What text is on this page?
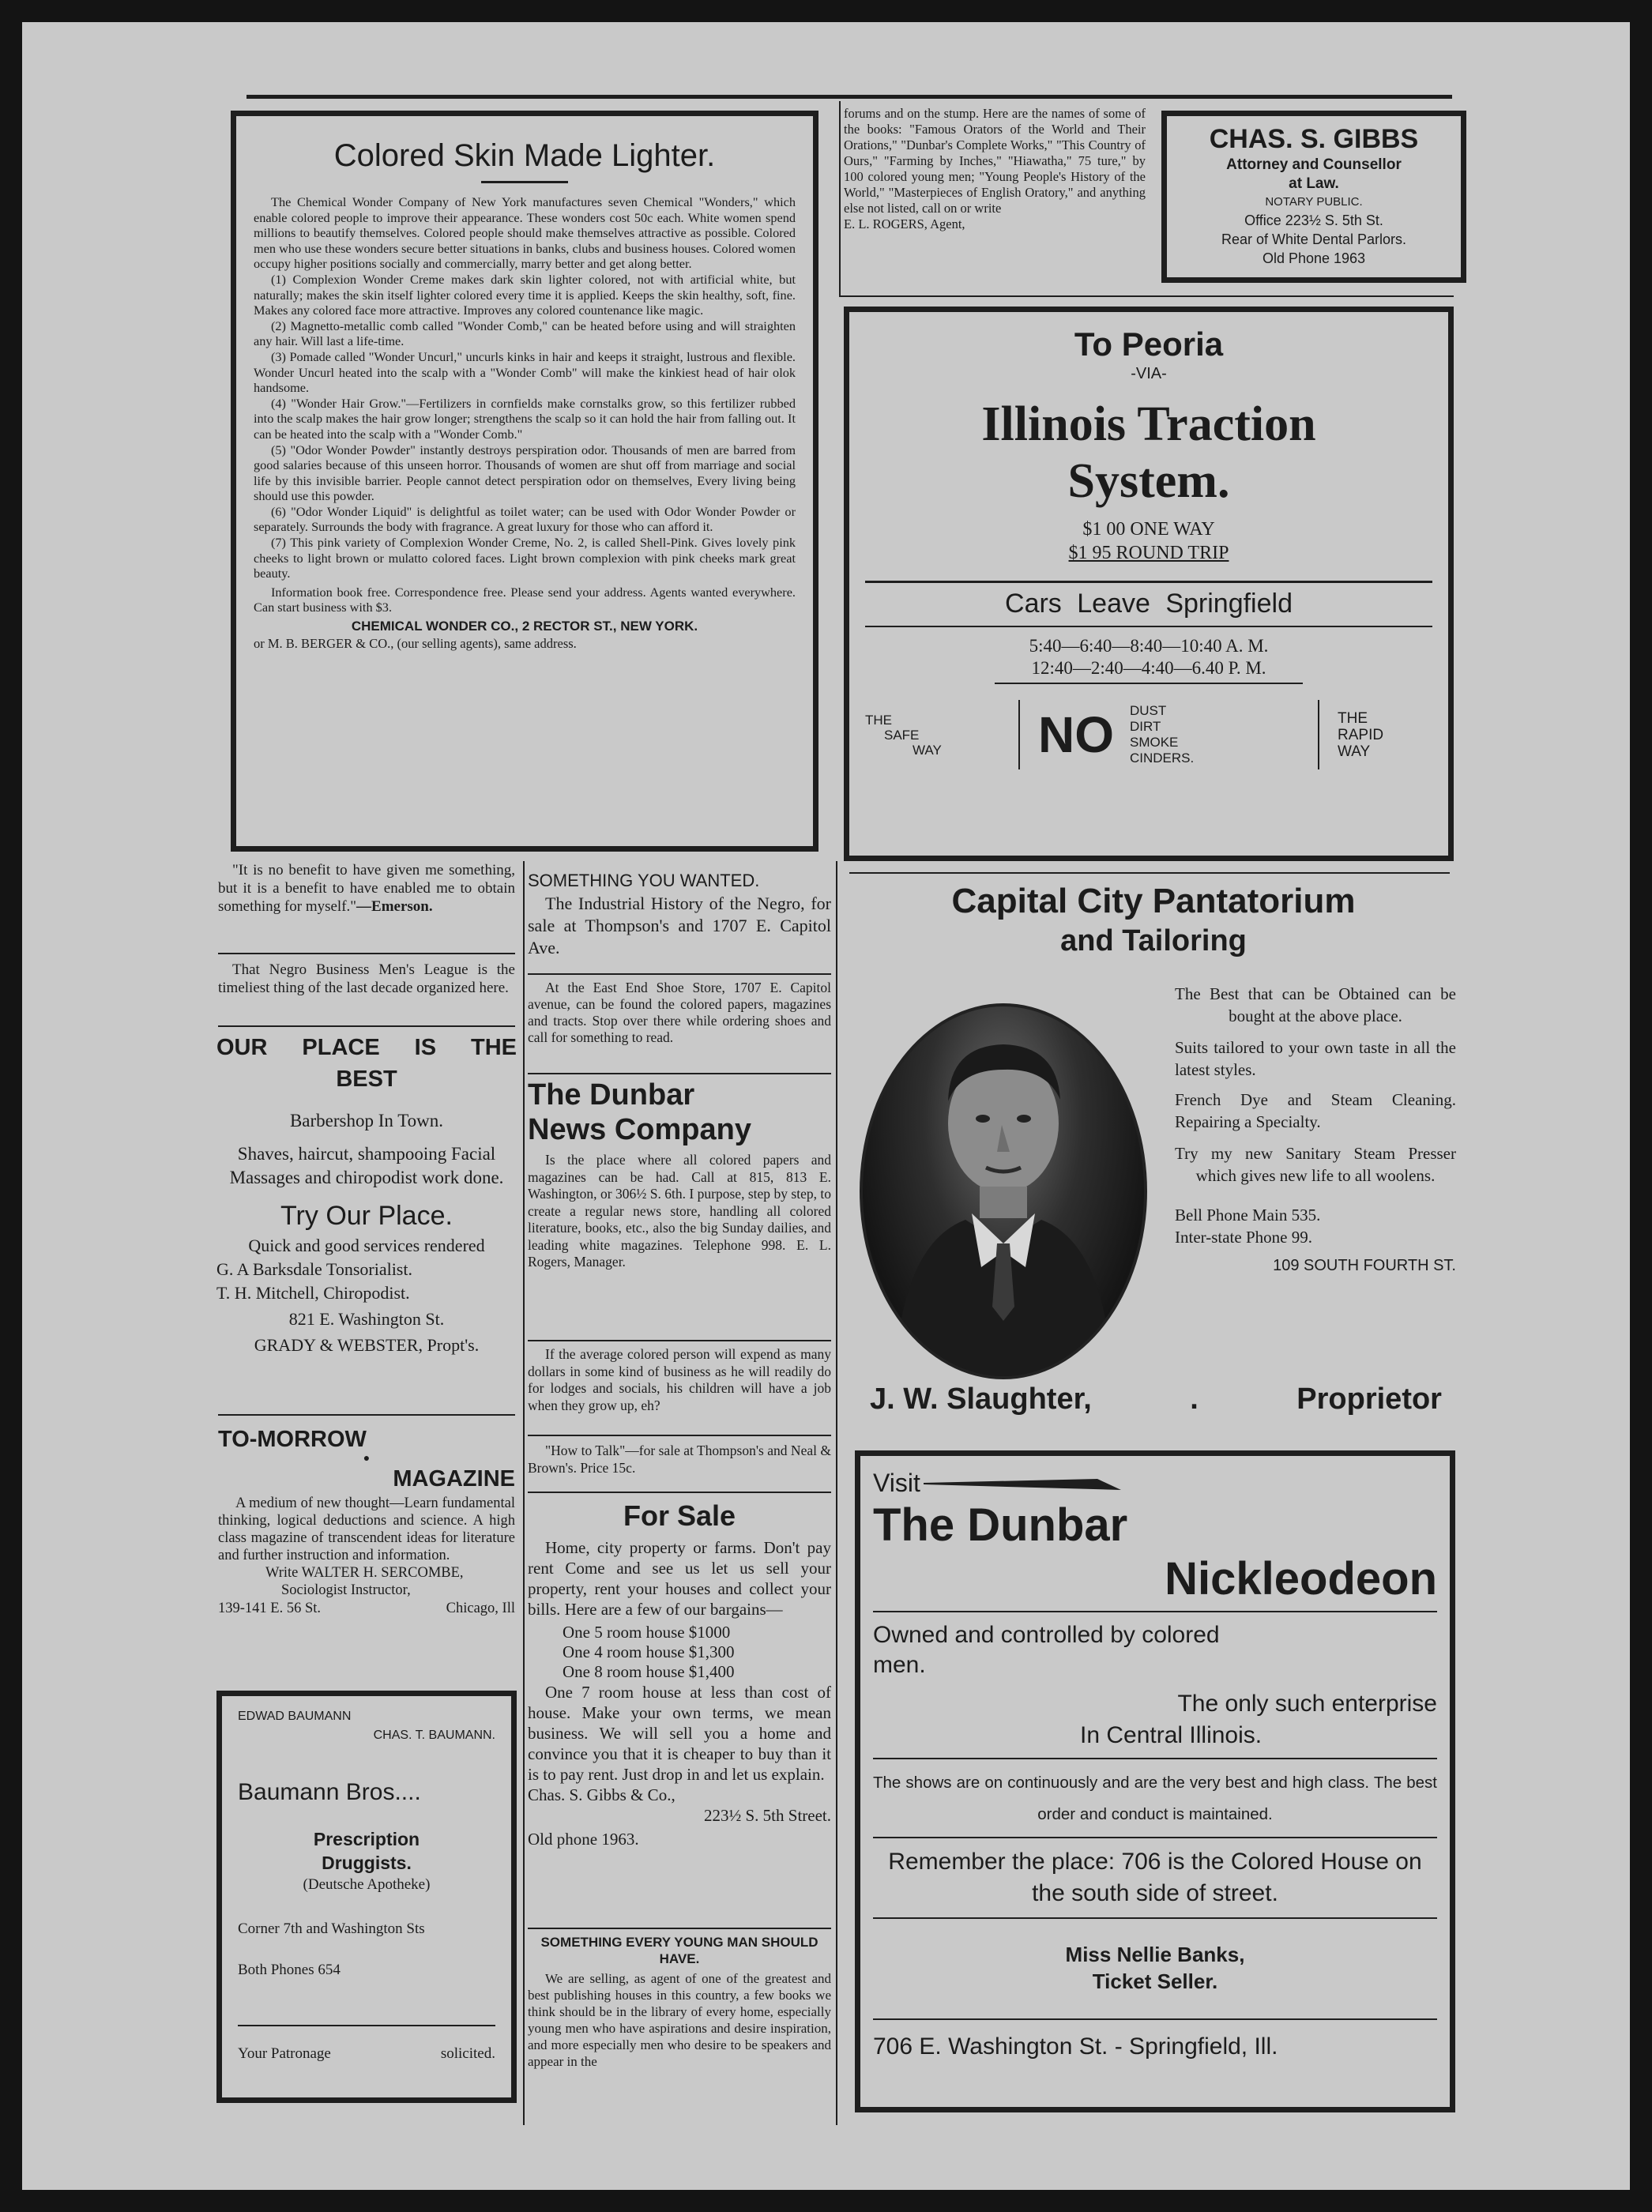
Colored Skin Made Lighter.

The Chemical Wonder Company of New York manufactures seven Chemical "Wonders," which enable colored people to improve their appearance. These wonders cost 50c each. White women spend millions to beautify themselves. Colored people should make themselves attractive as possible. Colored men who use these wonders secure better situations in banks, clubs and business houses. Colored women occupy higher positions socially and commercially, marry better and get along better.

(1) Complexion Wonder Creme makes dark skin lighter colored, not with artificial white, but naturally; makes the skin itself lighter colored every time it is applied. Keeps the skin healthy, soft, fine. Makes any colored face more attractive. Improves any colored countenance like magic.

(2) Magnetto-metallic comb called "Wonder Comb," can be heated before using and will straighten any hair. Will last a life-time.

(3) Pomade called "Wonder Uncurl," uncurls kinks in hair and keeps it straight, lustrous and flexible. Wonder Uncurl heated into the scalp with a "Wonder Comb" will make the kinkiest head of hair olok handsome.

(4) "Wonder Hair Grow."—Fertilizers in cornfields make cornstalks grow, so this fertilizer rubbed into the scalp makes the hair grow longer; strengthens the scalp so it can hold the hair from falling out. It can be heated into the scalp with a "Wonder Comb."

(5) "Odor Wonder Powder" instantly destroys perspiration odor. Thousands of men are barred from good salaries because of this unseen horror. Thousands of women are shut off from marriage and social life by this invisible barrier. People cannot detect perspiration odor on themselves, Every living being should use this powder.

(6) "Odor Wonder Liquid" is delightful as toilet water; can be used with Odor Wonder Powder or separately. Surrounds the body with fragrance. A great luxury for those who can afford it.

(7) This pink variety of Complexion Wonder Creme, No. 2, is called Shell-Pink. Gives lovely pink cheeks to light brown or mulatto colored faces. Light brown complexion with pink cheeks mark great beauty.

Information book free. Correspondence free. Please send your address. Agents wanted everywhere. Can start business with $3.

CHEMICAL WONDER CO., 2 RECTOR ST., NEW YORK.
or M. B. BERGER & CO., (our selling agents), same address.
forums and on the stump. Here are the names of some of the books: "Famous Orators of the World and Their Orations," "Dunbar's Complete Works," "This Country of Ours," "Farming by Inches," "Hiawatha," 75 ture," by 100 colored young men; "Young People's History of the World," "Masterpieces of English Oratory," and anything else not listed, call on or write
E. L. ROGERS, Agent,
CHAS. S. GIBBS
Attorney and Counsellor
at Law.
NOTARY PUBLIC.
Office 223½ S. 5th St.
Rear of White Dental Parlors.
Old Phone 1963
To Peoria
-VIA-
Illinois Traction
System.
$1 00 ONE WAY
$1 95 ROUND TRIP
Cars Leave Springfield
5:40—6:40—8:40—10:40 A. M.
12:40—2:40—4:40—6.40 P. M.
THE
SAFE
WAY	NO DUST
DIRT
SMOKE
CINDERS.
THE
RAPID
WAY
"It is no benefit to have given me something, but it is a benefit to have enabled me to obtain something for myself."—Emerson.
That Negro Business Men's League is the timeliest thing of the last decade organized here.
OUR PLACE IS THE
BEST
Barbershop In Town.
Shaves, haircut, shampooing Facial Massages and chiropodist work done.
Try Our Place.
Quick and good services rendered
G. A Barksdale Tonsorialist.
T. H. Mitchell, Chiropodist.
821 E. Washington St.
GRADY & WEBSTER, Propt's.
TO-MORROW
●
MAGAZINE
A medium of new thought—Learn fundamental thinking, logical deductions and science. A high class magazine of transcendent ideas for literature and further instruction and information.
Write WALTER H. SERCOMBE,
Sociologist Instructor,
139-141 E. 56 St.	Chicago, Ill
EDWAD BAUMANN
CHAS. T. BAUMANN.
Baumann Bros....
Prescription
Druggists.
(Deutsche Apotheke)
Corner 7th and Washington Sts
Both Phones 654
Your Patronage	solicited.
SOMETHING YOU WANTED.
The Industrial History of the Negro, for sale at Thompson's and 1707 E. Capitol Ave.
At the East End Shoe Store, 1707 E. Capitol avenue, can be found the colored papers, magazines and tracts. Stop over there while ordering shoes and call for something to read.
The Dunbar
News Company
Is the place where all colored papers and magazines can be had. Call at 815, 813 E. Washington, or 306½ S. 6th. I purpose, step by step, to create a regular news store, handling all colored literature, books, etc., also the big Sunday dailies, and leading white magazines. Telephone 998. E. L. Rogers, Manager.
If the average colored person will expend as many dollars in some kind of business as he will readily do for lodges and socials, his children will have a job when they grow up, eh?
"How to Talk"—for sale at Thompson's and Neal & Brown's. Price 15c.
For Sale
Home, city property or farms. Don't pay rent Come and see us let us sell your property, rent your houses and collect your bills. Here are a few of our bargains—
One 5 room house $1000
One 4 room house $1,300
One 8 room house $1,400
One 7 room house at less than cost of house. Make your own terms, we mean business. We will sell you a home and convince you that it is cheaper to buy than it is to pay rent. Just drop in and let us explain.
Chas. S. Gibbs & Co.,
223½ S. 5th Street.
Old phone 1963.
SOMETHING EVERY YOUNG MAN SHOULD HAVE.
We are selling, as agent of one of the greatest and best publishing houses in this country, a few books we think should be in the library of every home, especially young men who have aspirations and desire inspiration, and more especially men who desire to be speakers and appear in the
Capital City Pantatorium
and Tailoring
The Best that can be Obtained can be bought at the above place.
Suits tailored to your own taste in all the latest styles.
French Dye and Steam Cleaning. Repairing a Specialty.
Try my new Sanitary Steam Presser which gives new life to all woolens.
Bell Phone Main 535.
Inter-state Phone 99.
109 SOUTH FOURTH ST.
J. W. Slaughter,	.	Proprietor
Visit
The Dunbar
Nickleodeon
Owned and controlled by colored men.
The only such enterprise
In Central Illinois.
The shows are on continuously and are the very best and high class. The best order and conduct is maintained.
Remember the place: 706 is the Colored House on the south side of street.
Miss Nellie Banks,
Ticket Seller.
706 E. Washington St. - Springfield, Ill.
